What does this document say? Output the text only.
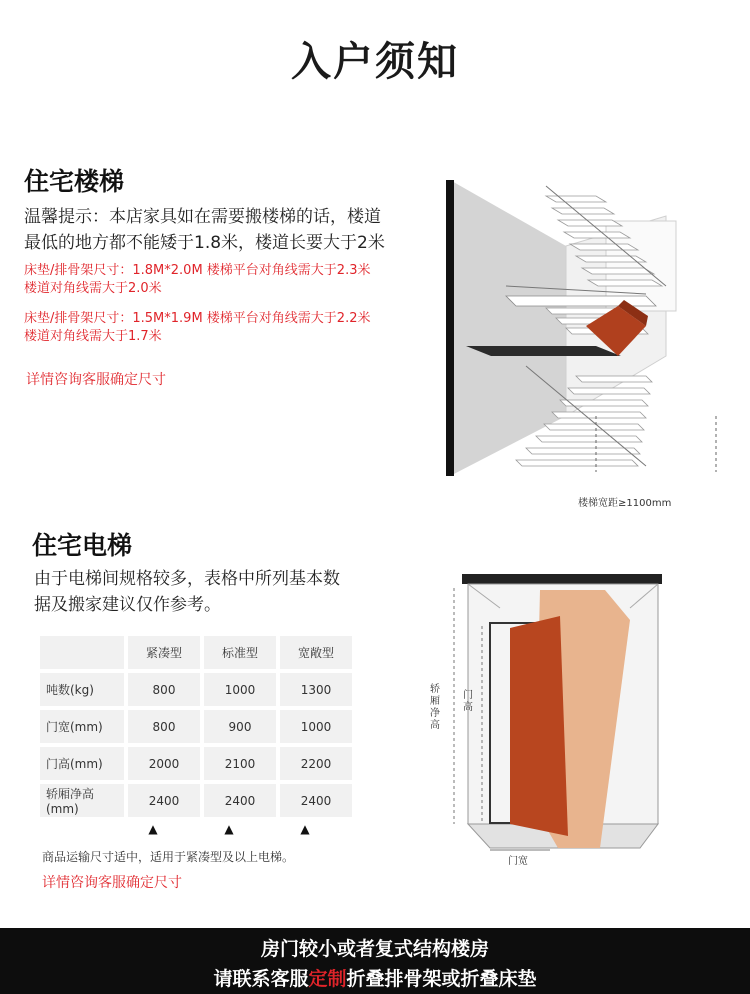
入户须知
住宅楼梯
温馨提示：本店家具如在需要搬楼梯的话，楼道
最低的地方都不能矮于1.8米，楼道长要大于2米
床垫/排骨架尺寸：1.8M*2.0M 楼梯平台对角线需大于2.3米
楼道对角线需大于2.0米
床垫/排骨架尺寸：1.5M*1.9M 楼梯平台对角线需大于2.2米
楼道对角线需大于1.7米
详情咨询客服确定尺寸
楼梯宽距≥1100mm
住宅电梯
由于电梯间规格较多，表格中所列基本数
据及搬家建议仅作参考。
	紧凑型	标准型	宽敞型
吨数(kg)	800	1000	1300
门宽(mm)	800	900	1000
门高(mm)	2000	2100	2200
轿厢净高(mm)	2400	2400	2400
▲	▲	▲
商品运输尺寸适中，适用于紧凑型及以上电梯。
详情咨询客服确定尺寸
轿厢净高
门高
门宽
房门较小或者复式结构楼房
请联系客服定制折叠排骨架或折叠床垫
